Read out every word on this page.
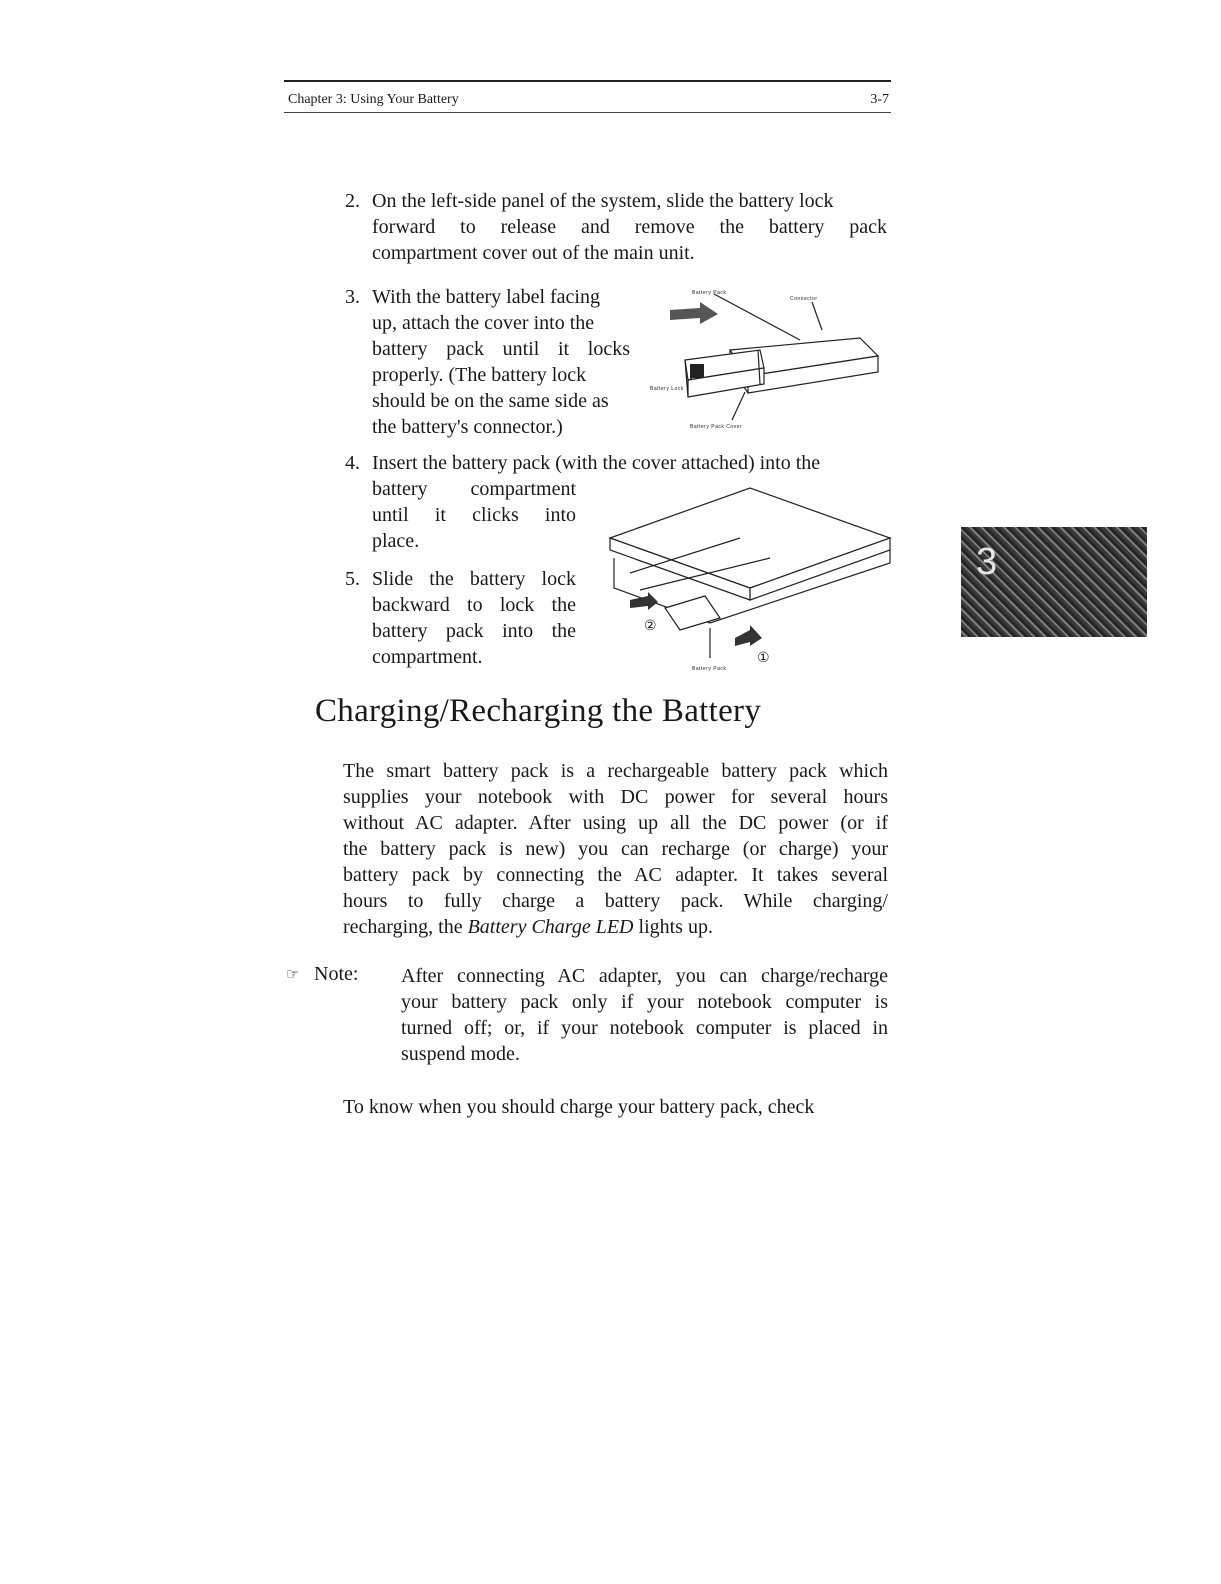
Chapter 3: Using Your Battery	3-7
2. On the left-side panel of the system, slide the battery lock
forward to release and remove the battery pack
compartment cover out of the main unit.
3. With the battery label facing
up, attach the cover into the
battery pack until it locks
properly. (The battery lock
should be on the same side as
the battery's connector.)
Battery Pack
Connector
Battery Lock
Battery Pack Cover
4. Insert the battery pack (with the cover attached) into the
battery compartment
until it clicks into
place.
5. Slide the battery lock
backward to lock the
battery pack into the
compartment.
②
①
Battery Pack
Charging/Recharging the Battery
The smart battery pack is a rechargeable battery pack which
supplies your notebook with DC power for several hours
without AC adapter. After using up all the DC power (or if
the battery pack is new) you can recharge (or charge) your
battery pack by connecting the AC adapter. It takes several
hours to fully charge a battery pack. While charging/
recharging, the Battery Charge LED lights up.
☞ Note: After connecting AC adapter, you can charge/recharge
your battery pack only if your notebook computer is
turned off; or, if your notebook computer is placed in
suspend mode.
To know when you should charge your battery pack, check
3
